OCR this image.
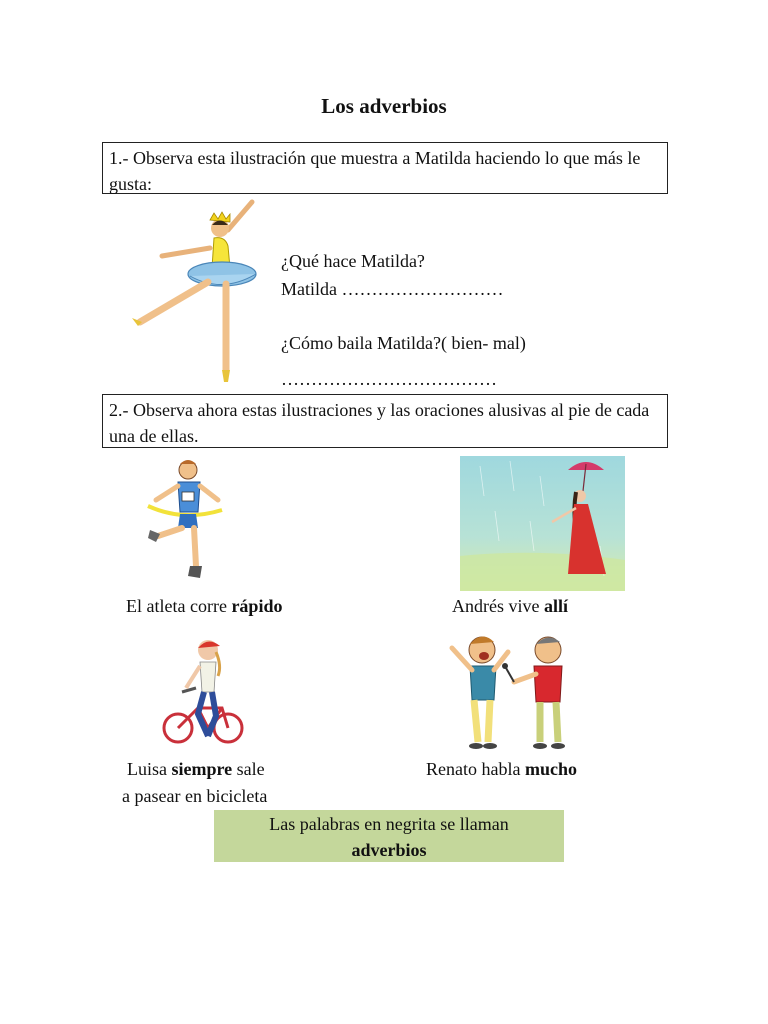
Los adverbios
1.- Observa esta ilustración que muestra a Matilda haciendo lo que más le gusta:
¿Qué hace Matilda?
Matilda ………………………
¿Cómo baila Matilda?( bien- mal)
………………………………
2.- Observa ahora estas ilustraciones y las oraciones alusivas al pie de cada una de ellas.
El atleta corre rápido	Andrés vive allí
Luisa siempre sale
a pasear en bicicleta
Renato habla mucho
Las palabras en negrita se llaman
adverbios
